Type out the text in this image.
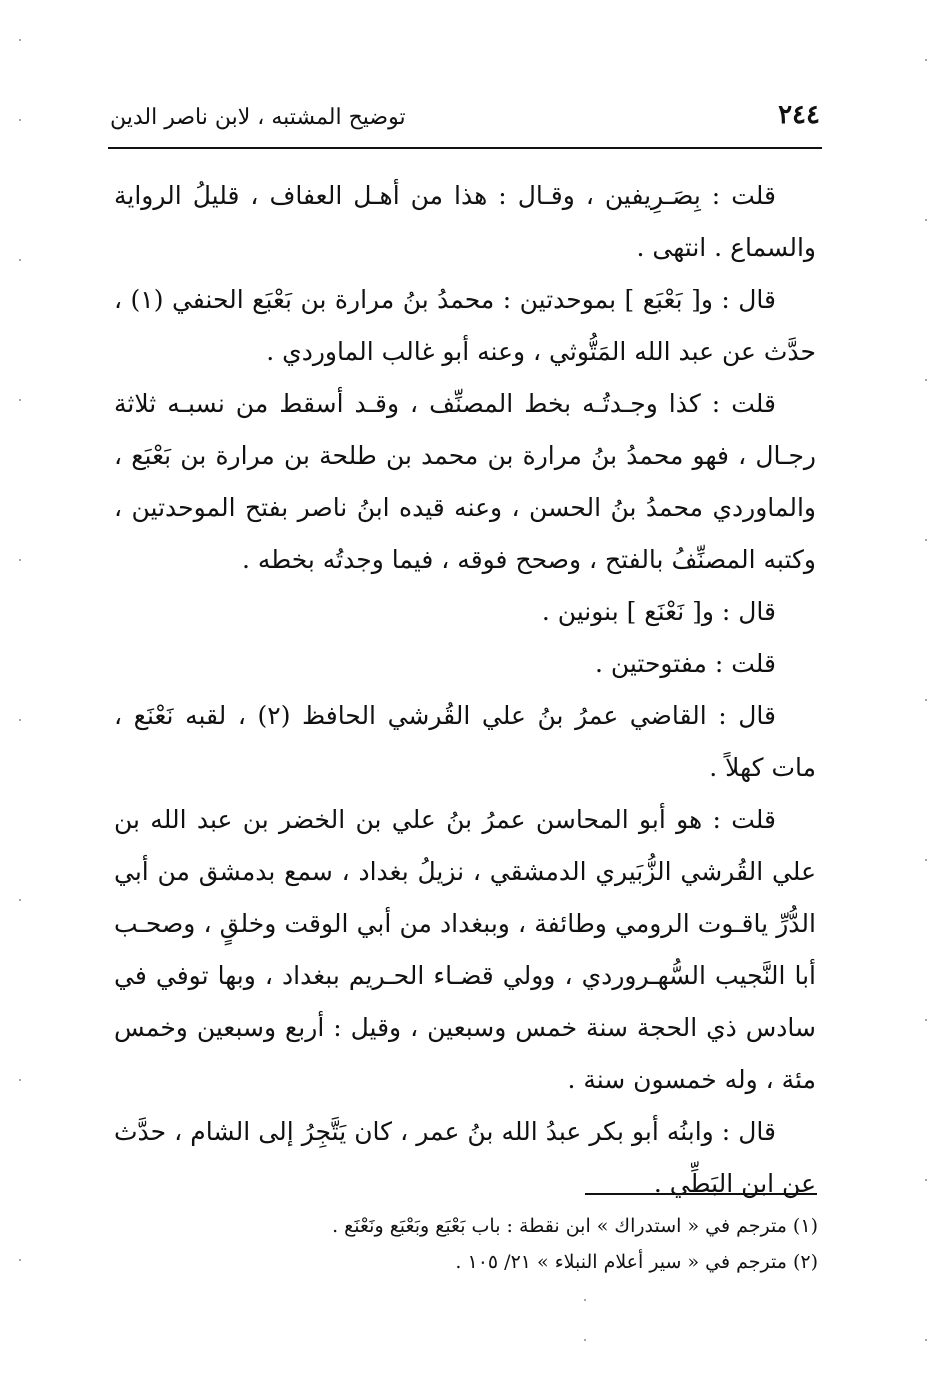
٢٤٤
توضيح المشتبه ، لابن ناصر الدين

قلت : بِصَـرِيفين ، وقـال : هذا من أهـل العفاف ، قليلُ الرواية والسماع . انتهى .

قال : و[ بَعْبَع ] بموحدتين : محمدُ بنُ مرارة بن بَعْبَع الحنفي (١) ، حدَّث عن عبد الله المَتُّوثي ، وعنه أبو غالب الماوردي .

قلت : كذا وجـدتُـه بخط المصنِّف ، وقـد أسقط من نسبـه ثلاثة رجـال ، فهو محمدُ بنُ مرارة بن محمد بن طلحة بن مرارة بن بَعْبَع ، والماوردي محمدُ بنُ الحسن ، وعنه قيده ابنُ ناصر بفتح الموحدتين ، وكتبه المصنِّفُ بالفتح ، وصحح فوقه ، فيما وجدتُه بخطه .

قال : و[ نَعْنَع ] بنونين .

قلت : مفتوحتين .

قال : القاضي عمرُ بنُ علي القُرشي الحافظ (٢) ، لقبه نَعْنَع ، مات كهلاً .

قلت : هو أبو المحاسن عمرُ بنُ علي بن الخضر بن عبد الله بن علي القُرشي الزُّبَيري الدمشقي ، نزيلُ بغداد ، سمع بدمشق من أبي الدُّرِّ ياقـوت الرومي وطائفة ، وببغداد من أبي الوقت وخلقٍ ، وصحـب أبا النَّجيب السُّهـروردي ، وولي قضـاء الحـريم ببغداد ، وبها توفي في سادس ذي الحجة سنة خمس وسبعين ، وقيل : أربع وسبعين وخمس مئة ، وله خمسون سنة .

قال : وابنُه أبو بكر عبدُ الله بنُ عمر ، كان يَتَّجِرُ إلى الشام ، حدَّث عن ابن البَطِّي .

(١) مترجم في « استدراك » ابن نقطة : باب بَعْبَع وبَعْبَع ونَعْنَع .

(٢) مترجم في « سير أعلام النبلاء » ٢١/ ١٠٥ .
